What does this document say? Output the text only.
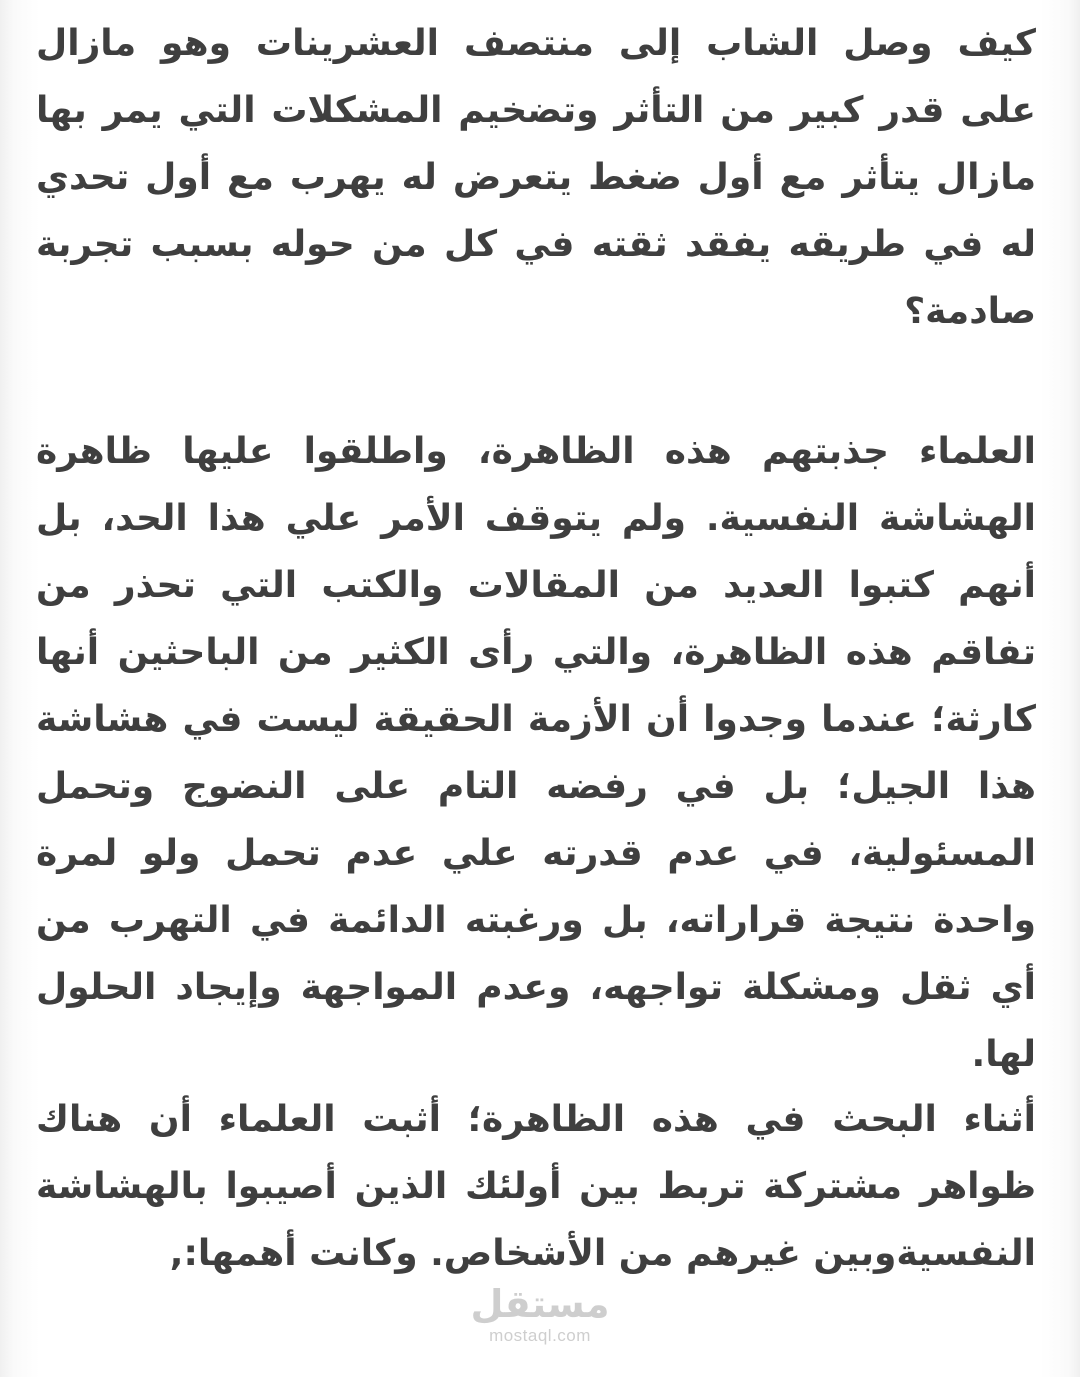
كيف وصل الشاب إلى منتصف العشرينات وهو مازال على قدر كبير من التأثر وتضخيم المشكلات التي يمر بها مازال يتأثر مع أول ضغط يتعرض له يهرب مع أول تحدي له في طريقه يفقد ثقته في كل من حوله بسبب تجربة صادمة؟

العلماء جذبتهم هذه الظاهرة، واطلقوا عليها ظاهرة الهشاشة النفسية. ولم يتوقف الأمر علي هذا الحد، بل أنهم كتبوا العديد من المقالات والكتب التي تحذر من تفاقم هذه الظاهرة، والتي رأى الكثير من الباحثين أنها كارثة؛ عندما وجدوا أن الأزمة الحقيقة ليست في هشاشة هذا الجيل؛ بل في رفضه التام على النضوج وتحمل المسئولية، في عدم قدرته علي عدم تحمل ولو لمرة واحدة نتيجة قراراته، بل ورغبته الدائمة في التهرب من أي ثقل ومشكلة تواجهه، وعدم المواجهة وإيجاد الحلول لها.

أثناء البحث في هذه الظاهرة؛ أثبت العلماء أن هناك ظواهر مشتركة تربط بين أولئك الذين أصيبوا بالهشاشة النفسيةوبين غيرهم من الأشخاص. وكانت أهمها:,

مستقل
mostaql.com
